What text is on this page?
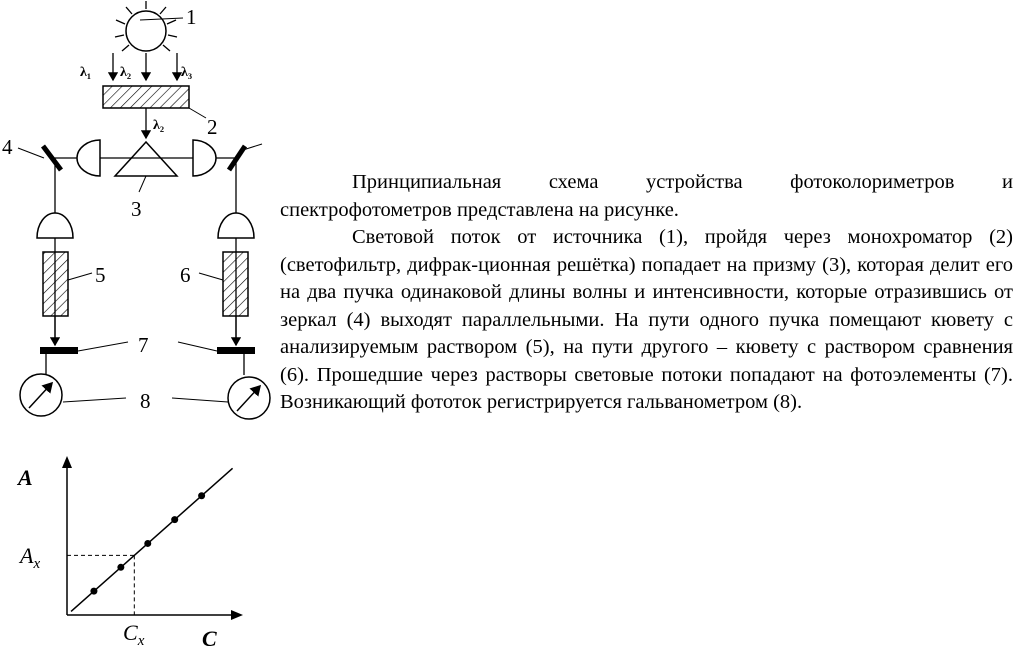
1
λ₁ λ₂	λ₃
2
λ₂
3
4
5	6
7
8
A
C
$A_x$
$C_x$

Принципиальная схема устройства фотоколориметров и спектрофотометров представлена на рисунке.

Световой поток от источника (1), пройдя через монохроматор (2) (светофильтр, дифрак-ционная решётка) попадает на призму (3), которая делит его на два пучка одинаковой длины волны и интенсивности, которые отразившись от зеркал (4) выходят параллельными. На пути одного пучка помещают кювету с анализируемым раствором (5), на пути другого – кювету с раствором сравнения (6). Прошедшие через растворы световые потоки попадают на фотоэлементы (7). Возникающий фототок регистрируется гальванометром (8).
